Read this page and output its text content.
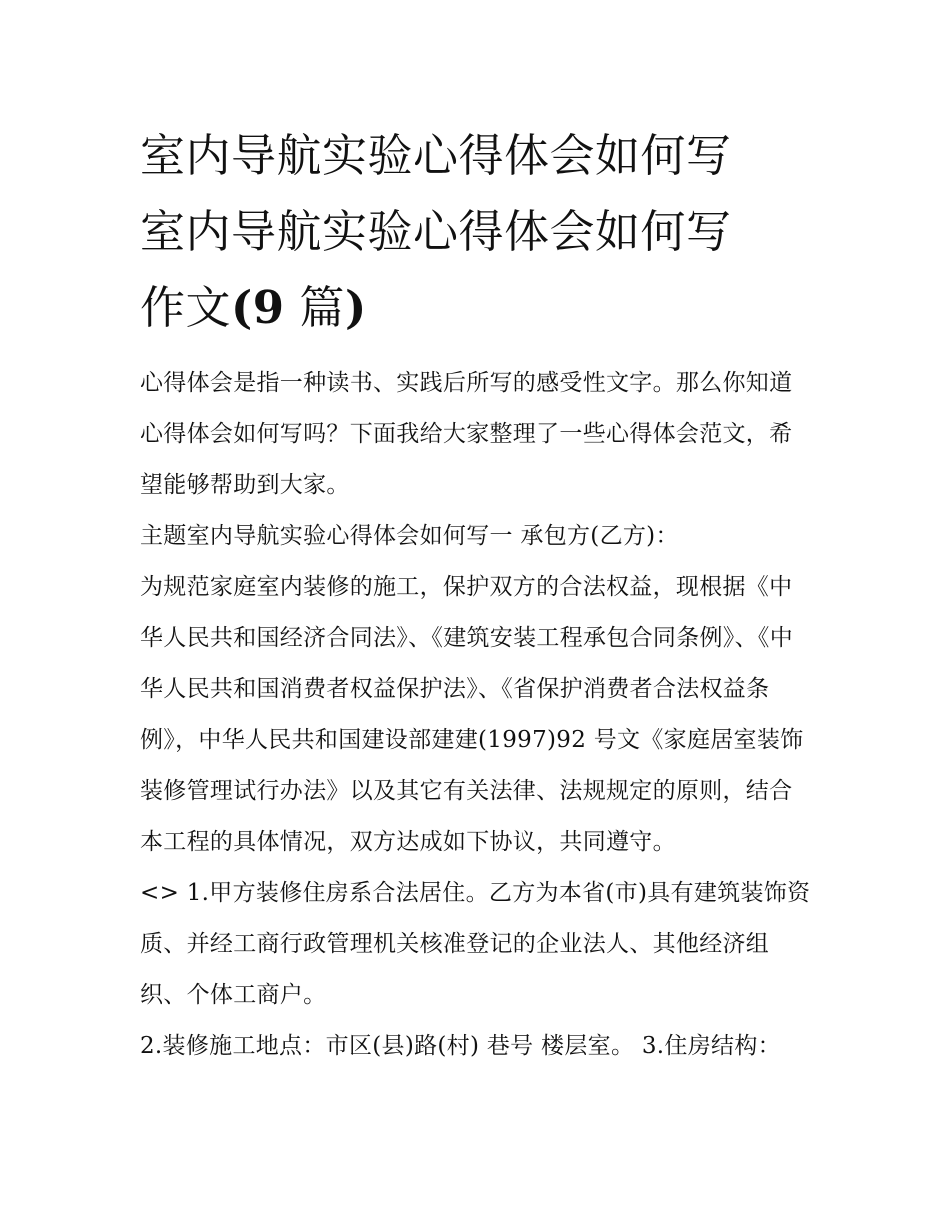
室内导航实验心得体会如何写
室内导航实验心得体会如何写
作文(9 篇)

心得体会是指一种读书、实践后所写的感受性文字。那么你知道心得体会如何写吗？下面我给大家整理了一些心得体会范文，希望能够帮助到大家。

主题室内导航实验心得体会如何写一 承包方(乙方)：

为规范家庭室内装修的施工，保护双方的合法权益，现根据《中华人民共和国经济合同法》、《建筑安装工程承包合同条例》、《中华人民共和国消费者权益保护法》、《省保护消费者合法权益条例》，中华人民共和国建设部建建(1997)92 号文《家庭居室装饰装修管理试行办法》以及其它有关法律、法规规定的原则，结合本工程的具体情况，双方达成如下协议，共同遵守。

<> 1.甲方装修住房系合法居住。乙方为本省(市)具有建筑装饰资质、并经工商行政管理机关核准登记的企业法人、其他经济组织、个体工商户。

2.装修施工地点：市区(县)路(村) 巷号 楼层室。 3.住房结构：
